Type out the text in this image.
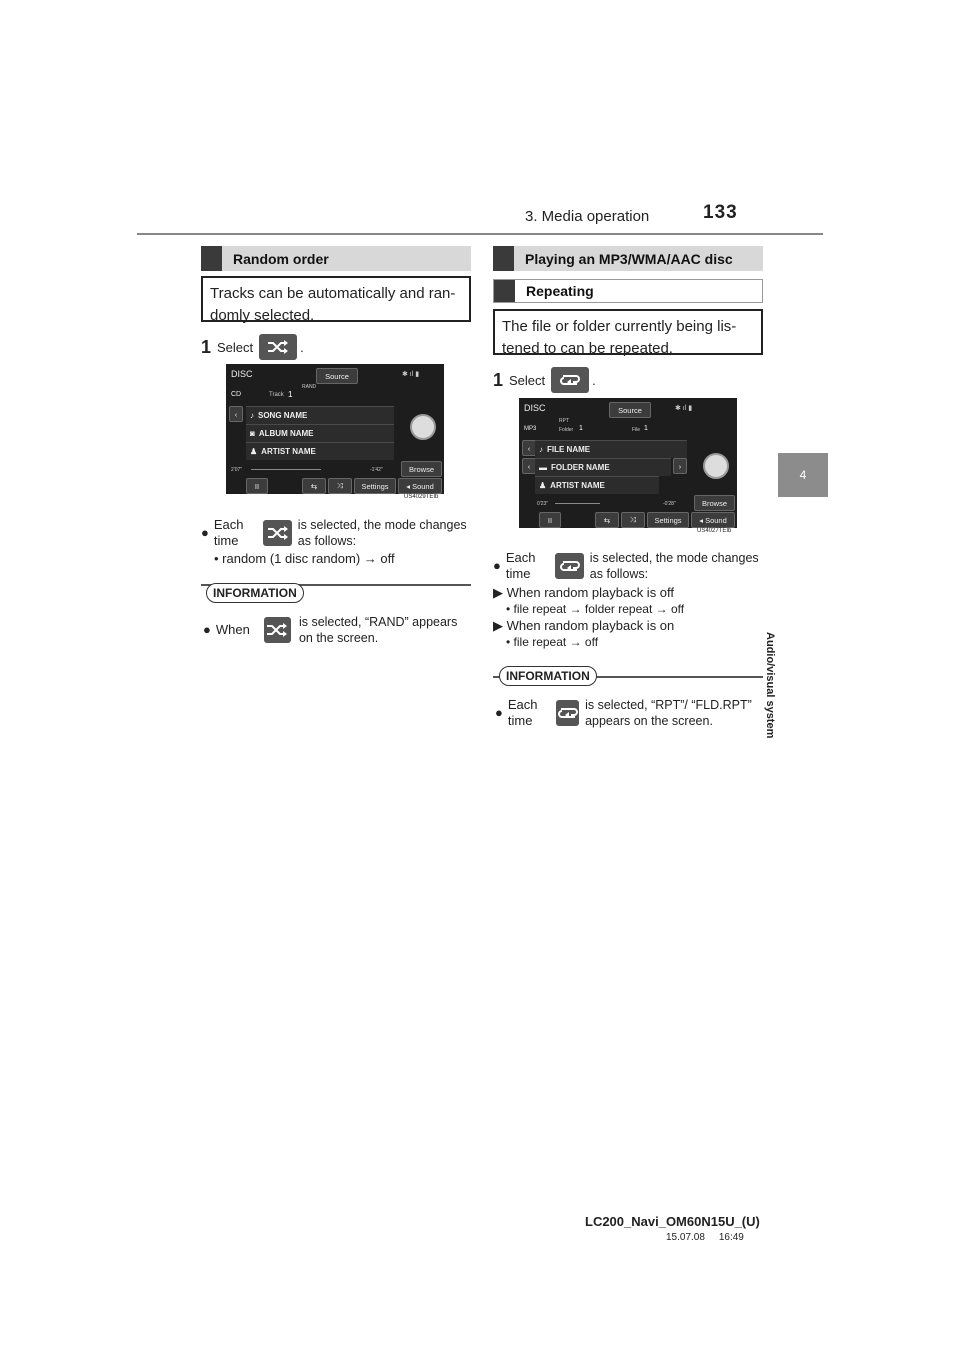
3. Media operation	133
4
Audio/visual system
Random order
Tracks can be automatically and ran- domly selected.
1 Select	.
DISC	Source
RAND
✱ ıl ▮
CD	Track 1
‹	♪ SONG NAME
◙ ALBUM NAME
♟ ARTIST NAME
2'07"	-1'42"	Browse
II	⇆	⤨	Settings	◂ Sound
US4029TEIb
●
Each time
is selected, the mode changes as follows:
• random (1 disc random) → off
INFORMATION
● When	is selected, “RAND” appears on the screen.
Playing an MP3/WMA/AAC disc
Repeating
The file or folder currently being lis- tened to can be repeated.
1 Select	.
DISC	Source
RPT
✱ ıl ▮
MP3	Folder 1	File 1
‹	♪ FILE NAME
‹	›
▬ FOLDER NAME
♟ ARTIST NAME
0'23"	-0'28"	Browse
II	⇆	⤨	Settings	◂ Sound
US4027TEIb
●
Each time
is selected, the mode changes as follows:
▶ When random playback is off
• file repeat → folder repeat → off
▶ When random playback is on
• file repeat → off
INFORMATION
●
Each time
is selected, “RPT”/ “FLD.RPT” appears on the screen.
LC200_Navi_OM60N15U_(U)
15.07.08     16:49
